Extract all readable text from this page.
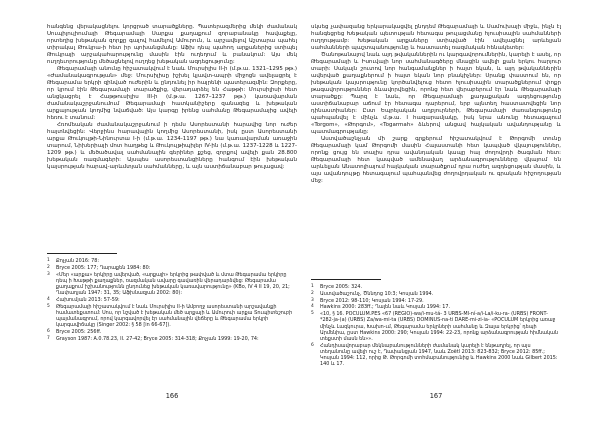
հանգենց վերակացնելու կորցրած տարածքները. Պատերազմերից մեկի ժամանակ Սուպիլուլիումայի Թեգարամայի Սարքա քաղաքում զորաբանակը հավաքելը, որտեղից խեթական զորքը գալով համելով Ամուրուն, և արշավելով Աշտարա պահել տիրակալ Թուկրա-ի հետ իր պոխանցմանը: Աֆխ դեպ պահող արքաներից ստիպել Թուկրայի արշակահարությունը մասին էին ուղեղում և բանակում: Այս մեկ ուղղեւորությունը մեծացնելով ուղղեց խեթական ազդեցությունը:

Թեգարամայի անունը հիշատակվում է նաև Մուրսիլիս II-ի (մ.թ.ա. 1321–1295 թթ.) «Ժամանակագրության» մեջ: Մուրսիլիսը իշխել կյավտ-ապրի միջոցն ավելացրել է Թեգարամա երկրի զինված ուժերին և ընդունել իր հայրենի պատերազմին: Զորքերը, որ կրում էին Թեգարամայի տարածքից, վերադարձել են Հաթթի: Մուրսիլիսի հետ անցկացրել է Հաթթուսիլիս III-ի (մ.թ.ա. 1267–1237 թթ.) կառավարման ժամանակաշրջանումում Թեգարամայի հատկանիշերը զանազեց և խեթական արքայության կողմից նվաճված: Այս կարգը իրենց սահմանը Թեգարամայից ավելի հեռու է տանում:

Հռոմեական ժամանակաշրջանում ի դեմս Ասորեստանի հարավից նոր ուժեր հայտնվեցին: Վերջինս հարավային կողմից Ասորեստանի, իսկ ըստ Ասորեստանի արքա Թուկուլթի-Նինուրտա I-ի (մ.թ.ա. 1234-1197 թթ.) նա կառավարման առաջին տարում, Նիխերիայի մոտ հաղթեց և Թուկուլթիպիլեր IV-ին (մ.թ.ա. 1237-1228 և 1227-1209 թթ.) և մեծածավալ սահմանային գերիներ քշեց, զորքով ավելի քան 28.800 խեթական ռազմագերի: Այսպես ասորեստանցիները հանգում էին խեթական կայսրության հարավ-արևմտյան սահմանները, և այն աստիճանաբար թուլացավ:

1	Քոչյան 2016: 78:
2	Bryce 2005: 177; Ղարաքեն 1984: 80:
3	«Մեր «արքա» երկիրը ավերված, «արքայի» երկրից թափված և մտա Թեգարամա երկիրը դեպ ի Խաթթի քաղաքներ, ռազմական ավարը գավառին վերադարձվեց: Թեգարամա քաղաքում իշխանությունն ընդունեց խեթական կառավարությունը» (KBo, IV 4 II 19, 20, 21; Ղափադյան 1947: 31, 35; Աֆխնազյան 2002: 80):
4	Հախումյան 2013: 57-59:
5	Թեգարամայի հիշատակվում է նաև Մուրսիլիս II-ի Ամբողջ ասորեստանի արշավանքի համատեքստում: Սոս, որ նշված է խեթական մեծ արքայի և Ամուրուի արքա Տուպիտեշուբի պայմանագրում, որով կարգավորվել էր սահմանային վեճերը և Թեգարամա երկրի կարգավիճակը (Singer 2002: § 58 [in 66-67]).
6	Bryce 2005: 256ff.
7	Grayson 1987: A.0.78.23, II. 27-42; Bryce 2005: 314-318; Քոչյան 1999: 19-20, 74:
166

սկսեց չափազանց երկարակացվել ընդդեմ Թեգարամայի և Սամուխայի միջև, ինչն էլ հանգեցրեց Խեթական պետության հետագա թուլացմանը հյուսիսային սահմանների ուղղությամբ: Խեթական արքաները ստիպված էին ավելացնել արևելյան սահմանների պաշտպանությունը և հաստատել ռազմական հենակետեր:

Ծանոթանալով նաև այդ թվականներին ու կարգավորումներին, կարելի է ասել, որ Թեգարամայի և Իսուվայի նոր սահմանագծերը մնացին ավելի քան երկու հարյուր տարի: Սակայն շուտով նոր հանգամանքներ ի հայտ եկան, և այդ թվականներին ավերված քաղաքներում ի հայտ եկան նոր բնակիչներ: Սրանք փաստում են, որ խեթական կայսրությունը կործանվելուց հետո հյուսիսային տարածքներում փոքր թագավորություններ ձևավորվեցին, որոնց հետ վերաբերում էր նաև Թեգարամայի տարածքը: Պարզ է նաև, որ Թեգարամայի քաղաքական ազդեցությունը աստիճանաբար աճում էր հետագա դարերում, երբ այնտեղ հաստատվեցին նոր դինաստիաներ: Ըստ Եպրեյական աղբյուրների, Թեգարամայի ժառանգությունը պահպանվել է մինչև մ.թ.ա. I հազարամյակը, իսկ նրա անունը հետագայում «Torgom», «Թորգոմ», «Togarmah» ձևերով անցավ հայկական ավանդությանը և պատմագրությանը:

Աստվածաշնչյան մի շարք գրքերում հիշատակվում է Թորգոմի տունը Թեգարամայի կամ Թորգոմի մասին Հայաստանի հետ կապված վկայություններ, որոնք ցույց են տալիս դրա ավանդական կապը հայ ժողովրդի ծագման հետ: Թեգարամայի հետ կապված ամենավաղ արձանագրությունները վկայում են արևելյան Անատոլիայում հայկական տարածքում դրա ուժեղ ազդեցության մասին, և այս ավանդույթը հետագայում պահպանվեց ժողովրդական ու գրական հիշողության մեջ:

1	Bryce 2005: 324.
2	Աստվածաշունչ, Ծննդոց 10:3; Կոսյան 1994.
3	Bryce 2012: 98-110; Կոսյան 1994: 17-29.
4	Hawkins 2000: 283ff.; Ղալեն նաև Կոսյան 1994: 17.
5	«10, § 16. POCULUM.PES «67 (REGIO)-wa/i-mu-tá- 3 URBS-MI-ní-a/i-La/i-ku-ra- (URBS) FRONT-*282-ja-(a) (URBS) Za/wa-mi-ta (URBS) DOMINUS-na-ti DARE-mi-zi-ia- «POCULUM երկրից առաջ մինչև Լազկուրա, Խախո-ւմ, Թեգարամա երկրների սահմանը և Զալա երկրից՝ դեպի Արմենիա, ըստ Hawkins 2000: 290; Կոսյան 1994: 22-23, որոնք արձանագրության հիմնական տեքստի մասն են»».
6	Հանդիսավորաբար մեկնաբանությունների ժամանակ կարելի է ենթադրել, որ այս տեղանունը ավելի ուշ է, Ղափանցյան 1947, նաև Zoëtl 2013: 823-832; Bryce 2012: 85ff.; Կոսյան 1994: 112, որից Թ. Թորգոմի տոհմաբանությունից և Hawkins 2000 նաև Gilbert 2015: 140 և 17.
167
